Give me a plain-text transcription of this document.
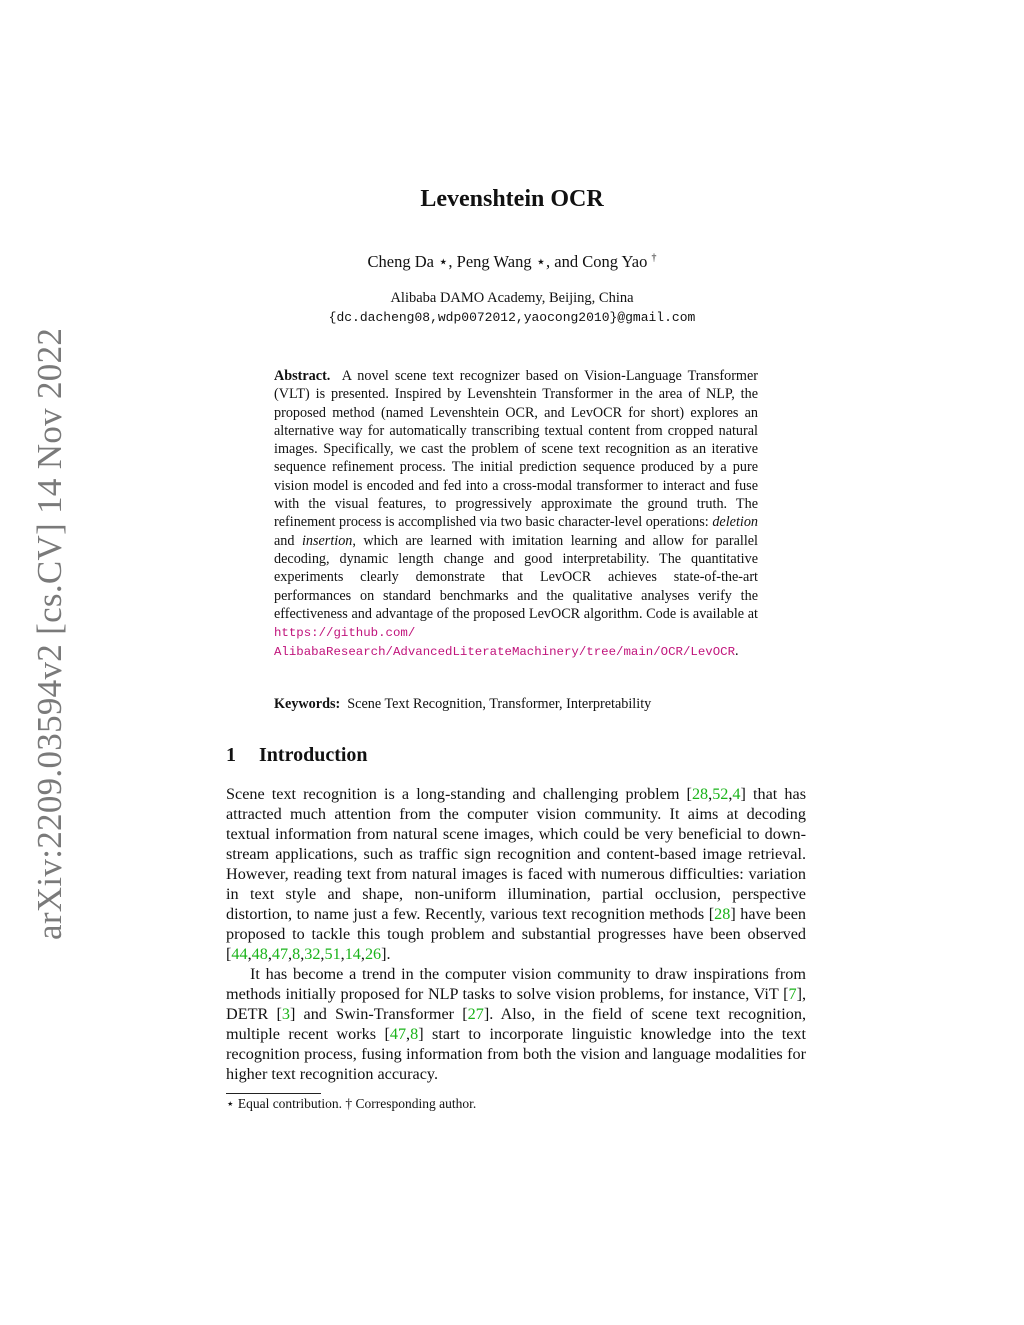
arXiv:2209.03594v2 [cs.CV] 14 Nov 2022
Levenshtein OCR
Cheng Da ⋆, Peng Wang ⋆, and Cong Yao †
Alibaba DAMO Academy, Beijing, China
{dc.dacheng08,wdp0072012,yaocong2010}@gmail.com
Abstract. A novel scene text recognizer based on Vision-Language Transformer (VLT) is presented. Inspired by Levenshtein Transformer in the area of NLP, the proposed method (named Levenshtein OCR, and LevOCR for short) explores an alternative way for automatically transcribing textual content from cropped natural images. Specifically, we cast the problem of scene text recognition as an iterative sequence refinement process. The initial prediction sequence produced by a pure vision model is encoded and fed into a cross-modal transformer to interact and fuse with the visual features, to progressively approximate the ground truth. The refinement process is accomplished via two basic character-level operations: deletion and insertion, which are learned with imitation learning and allow for parallel decoding, dynamic length change and good interpretability. The quantitative experiments clearly demonstrate that LevOCR achieves state-of-the-art performances on standard benchmarks and the qualitative analyses verify the effectiveness and advantage of the proposed LevOCR algorithm. Code is available at https://github.com/ AlibabaResearch/AdvancedLiterateMachinery/tree/main/OCR/LevOCR.
Keywords: Scene Text Recognition, Transformer, Interpretability
1 Introduction

Scene text recognition is a long-standing and challenging problem [28,52,4] that has attracted much attention from the computer vision community. It aims at decoding textual information from natural scene images, which could be very beneficial to down-stream applications, such as traffic sign recognition and content-based image retrieval. However, reading text from natural images is faced with numerous difficulties: variation in text style and shape, non-uniform illumination, partial occlusion, perspective distortion, to name just a few. Recently, various text recognition methods [28] have been proposed to tackle this tough problem and substantial progresses have been observed [44,48,47,8,32,51,14,26].

It has become a trend in the computer vision community to draw inspirations from methods initially proposed for NLP tasks to solve vision problems, for instance, ViT [7], DETR [3] and Swin-Transformer [27]. Also, in the field of scene text recognition, multiple recent works [47,8] start to incorporate linguistic knowledge into the text recognition process, fusing information from both the vision and language modalities for higher text recognition accuracy.

⋆ Equal contribution. † Corresponding author.
